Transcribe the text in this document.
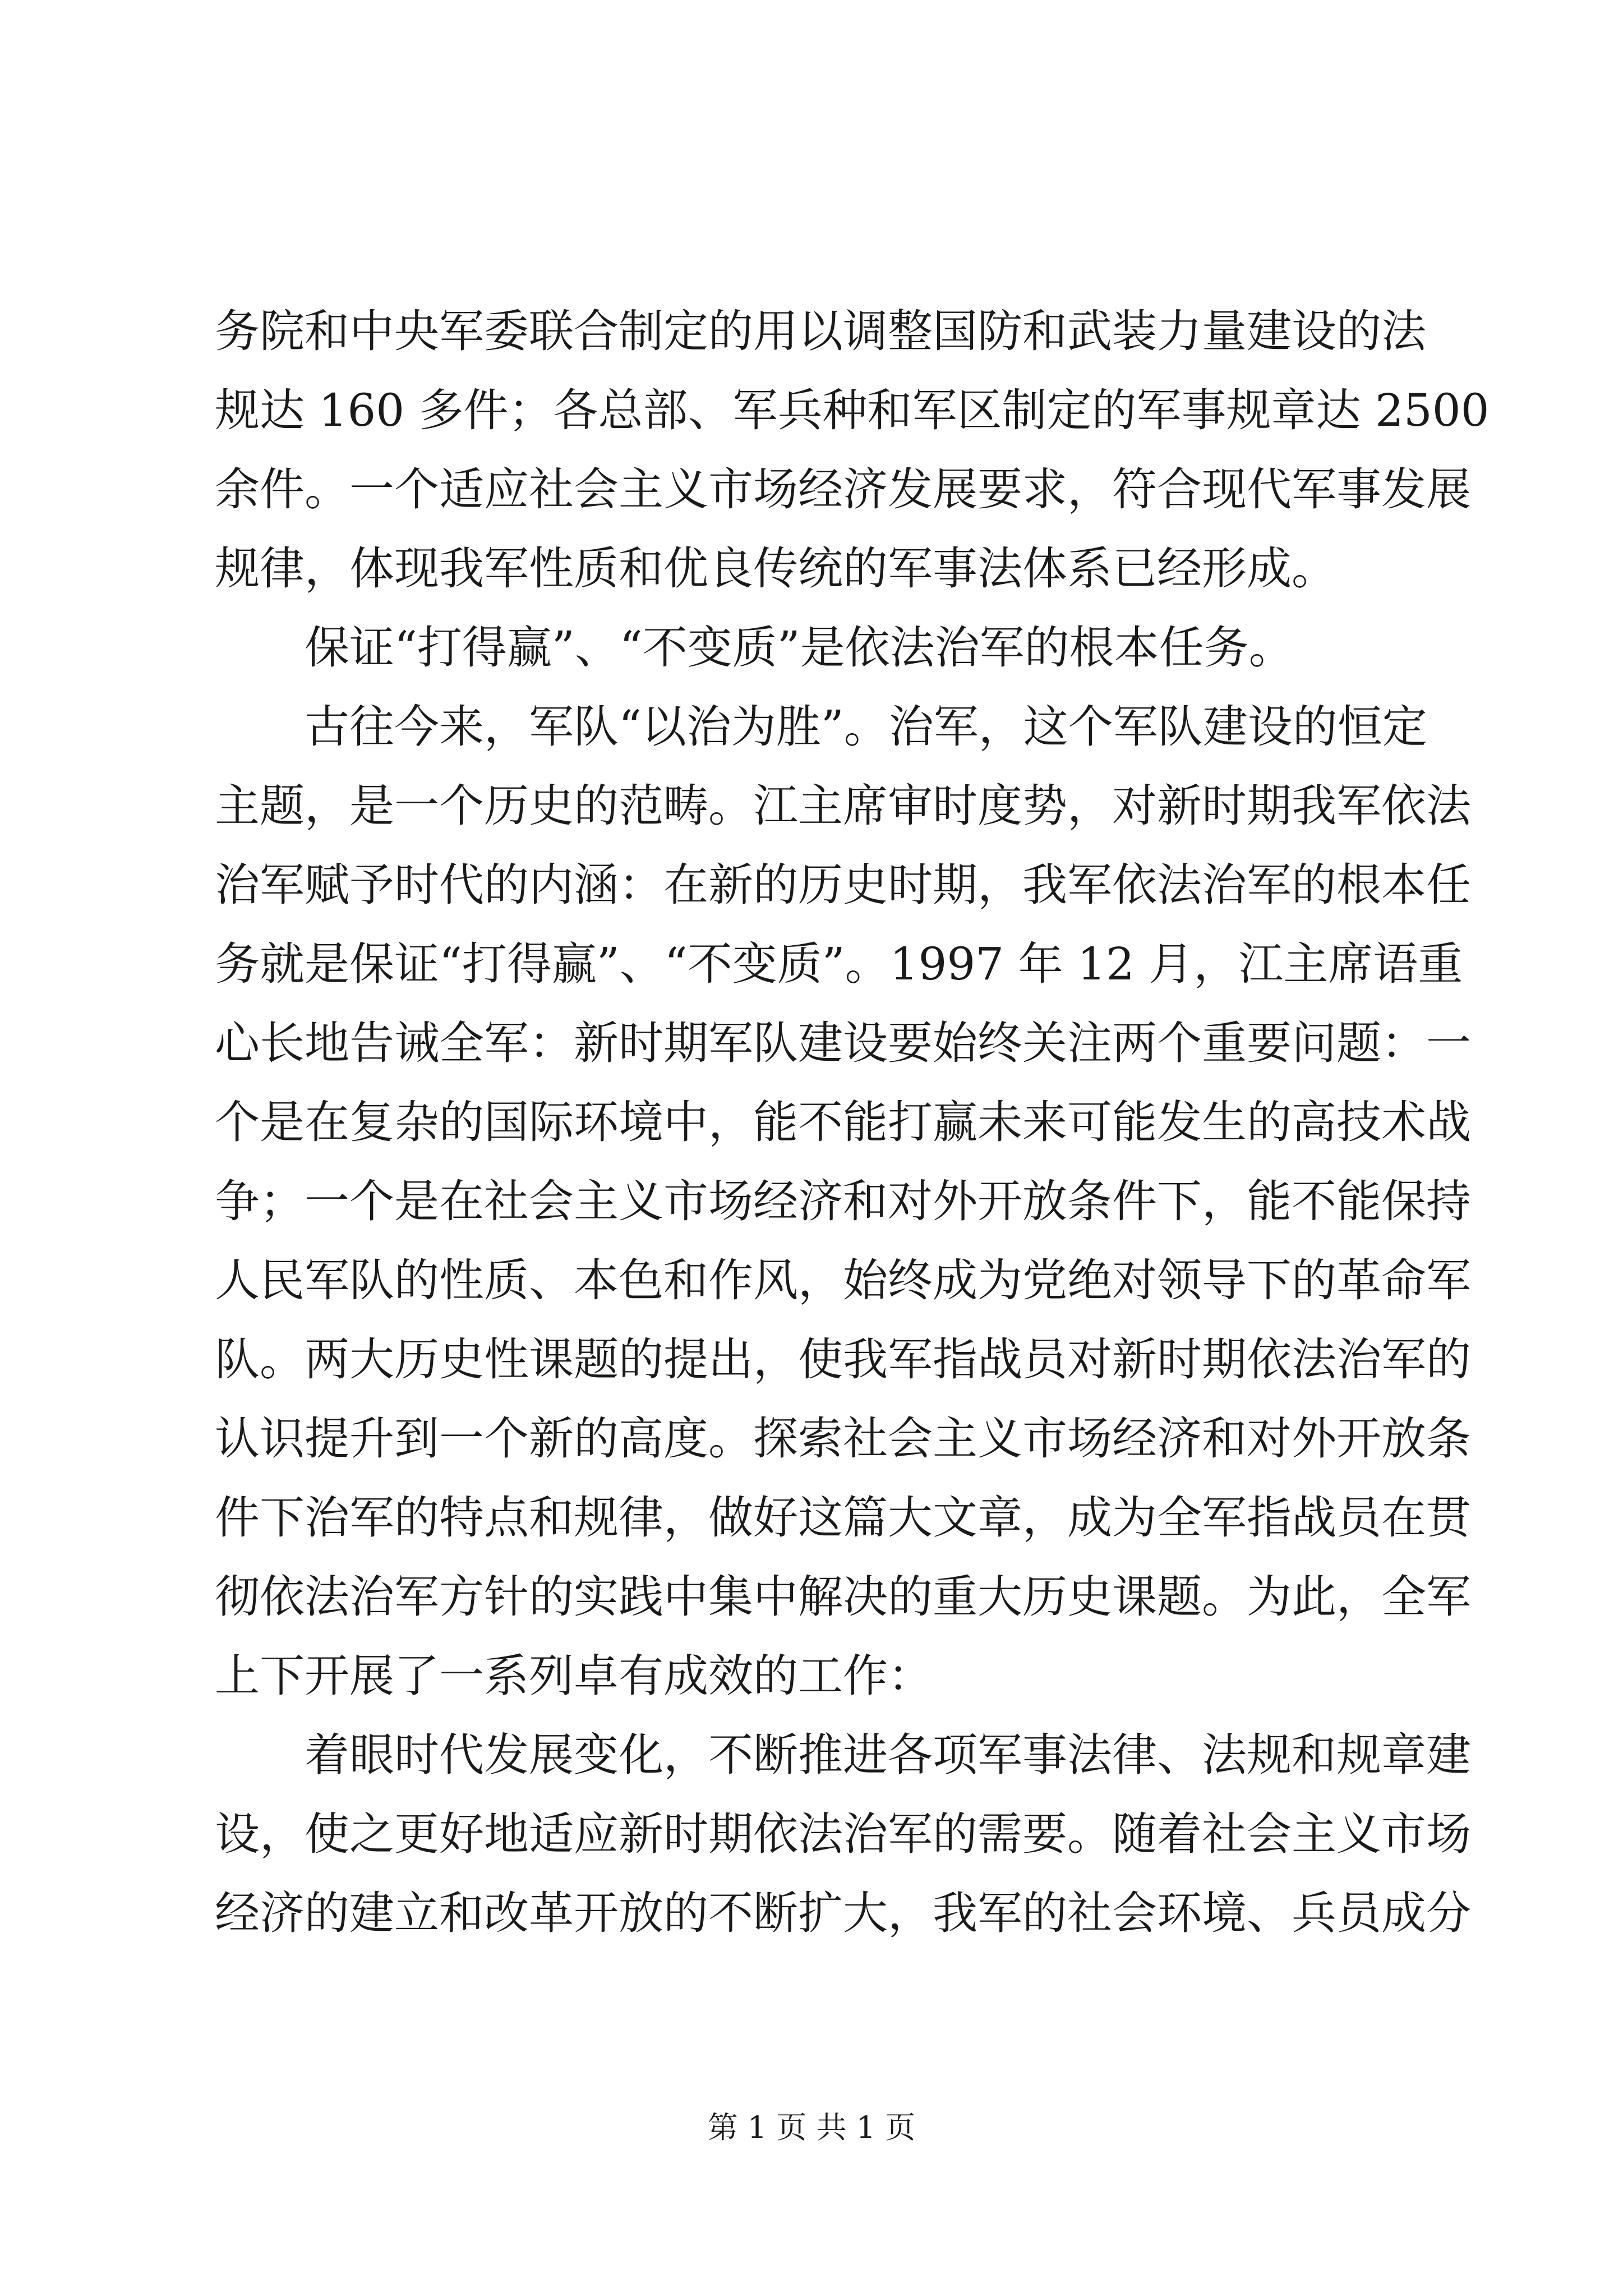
务院和中央军委联合制定的用以调整国防和武装力量建设的法
规达 160 多件；各总部、军兵种和军区制定的军事规章达 2500
余件。一个适应社会主义市场经济发展要求，符合现代军事发展
规律，体现我军性质和优良传统的军事法体系已经形成。
保证“打得赢”、“不变质”是依法治军的根本任务。
古往今来，军队“以治为胜”。治军，这个军队建设的恒定
主题，是一个历史的范畴。江主席审时度势，对新时期我军依法
治军赋予时代的内涵：在新的历史时期，我军依法治军的根本任
务就是保证“打得赢”、“不变质”。1997 年 12 月，江主席语重
心长地告诫全军：新时期军队建设要始终关注两个重要问题：一
个是在复杂的国际环境中，能不能打赢未来可能发生的高技术战
争；一个是在社会主义市场经济和对外开放条件下，能不能保持
人民军队的性质、本色和作风，始终成为党绝对领导下的革命军
队。两大历史性课题的提出，使我军指战员对新时期依法治军的
认识提升到一个新的高度。探索社会主义市场经济和对外开放条
件下治军的特点和规律，做好这篇大文章，成为全军指战员在贯
彻依法治军方针的实践中集中解决的重大历史课题。为此，全军
上下开展了一系列卓有成效的工作：
着眼时代发展变化，不断推进各项军事法律、法规和规章建
设，使之更好地适应新时期依法治军的需要。随着社会主义市场
经济的建立和改革开放的不断扩大，我军的社会环境、兵员成分
第 1 页 共 1 页
